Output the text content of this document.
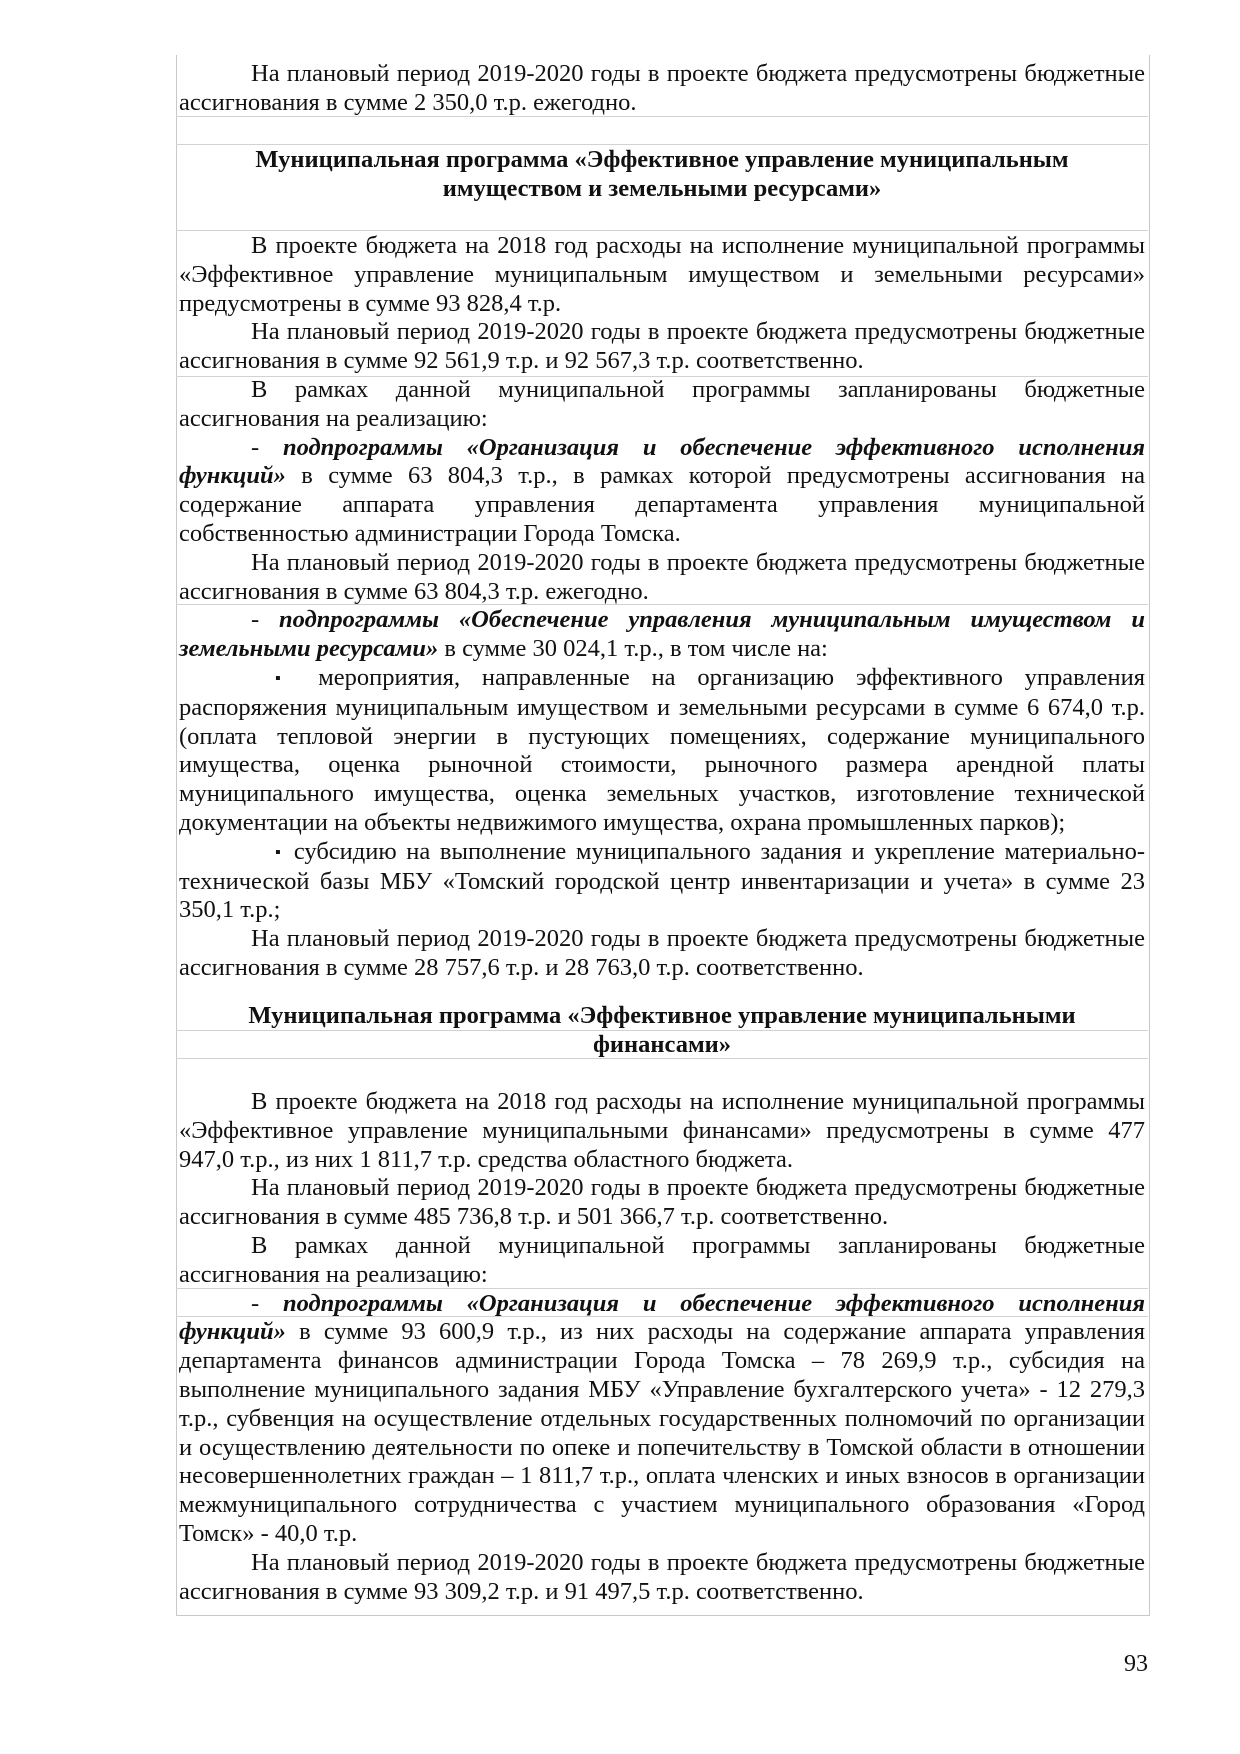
На плановый период 2019-2020 годы в проекте бюджета предусмотрены бюджетные ассигнования в сумме 2 350,0 т.р. ежегодно.

Муниципальная программа «Эффективное управление муниципальным имуществом и земельными ресурсами»

В проекте бюджета на 2018 год расходы на исполнение муниципальной программы «Эффективное управление муниципальным имуществом и земельными ресурсами» предусмотрены в сумме 93 828,4 т.р.

На плановый период 2019-2020 годы в проекте бюджета предусмотрены бюджетные ассигнования в сумме 92 561,9 т.р. и 92 567,3 т.р. соответственно.

В рамках данной муниципальной программы запланированы бюджетные ассигнования на реализацию:

- подпрограммы «Организация и обеспечение эффективного исполнения функций» в сумме 63 804,3 т.р., в рамках которой предусмотрены ассигнования на содержание аппарата управления департамента управления муниципальной собственностью администрации Города Томска.

На плановый период 2019-2020 годы в проекте бюджета предусмотрены бюджетные ассигнования в сумме 63 804,3 т.р. ежегодно.

- подпрограммы «Обеспечение управления муниципальным имуществом и земельными ресурсами» в сумме 30 024,1 т.р., в том числе на:

▪ мероприятия, направленные на организацию эффективного управления распоряжения муниципальным имуществом и земельными ресурсами в сумме 6 674,0 т.р. (оплата тепловой энергии в пустующих помещениях, содержание муниципального имущества, оценка рыночной стоимости, рыночного размера арендной платы муниципального имущества, оценка земельных участков, изготовление технической документации на объекты недвижимого имущества, охрана промышленных парков);

▪ субсидию на выполнение муниципального задания и укрепление материально-технической базы МБУ «Томский городской центр инвентаризации и учета» в сумме 23 350,1 т.р.;

На плановый период 2019-2020 годы в проекте бюджета предусмотрены бюджетные ассигнования в сумме 28 757,6 т.р. и 28 763,0 т.р. соответственно.

Муниципальная программа «Эффективное управление муниципальными финансами»

В проекте бюджета на 2018 год расходы на исполнение муниципальной программы «Эффективное управление муниципальными финансами» предусмотрены в сумме 477 947,0 т.р., из них 1 811,7 т.р. средства областного бюджета.

На плановый период 2019-2020 годы в проекте бюджета предусмотрены бюджетные ассигнования в сумме 485 736,8 т.р. и 501 366,7 т.р. соответственно.

В рамках данной муниципальной программы запланированы бюджетные ассигнования на реализацию:

- подпрограммы «Организация и обеспечение эффективного исполнения функций» в сумме 93 600,9 т.р., из них расходы на содержание аппарата управления департамента финансов администрации Города Томска – 78 269,9 т.р., субсидия на выполнение муниципального задания МБУ «Управление бухгалтерского учета» - 12 279,3 т.р., субвенция на осуществление отдельных государственных полномочий по организации и осуществлению деятельности по опеке и попечительству в Томской области в отношении несовершеннолетних граждан – 1 811,7 т.р., оплата членских и иных взносов в организации межмуниципального сотрудничества с участием муниципального образования «Город Томск» - 40,0 т.р.

На плановый период 2019-2020 годы в проекте бюджета предусмотрены бюджетные ассигнования в сумме 93 309,2 т.р. и 91 497,5 т.р. соответственно.

93
